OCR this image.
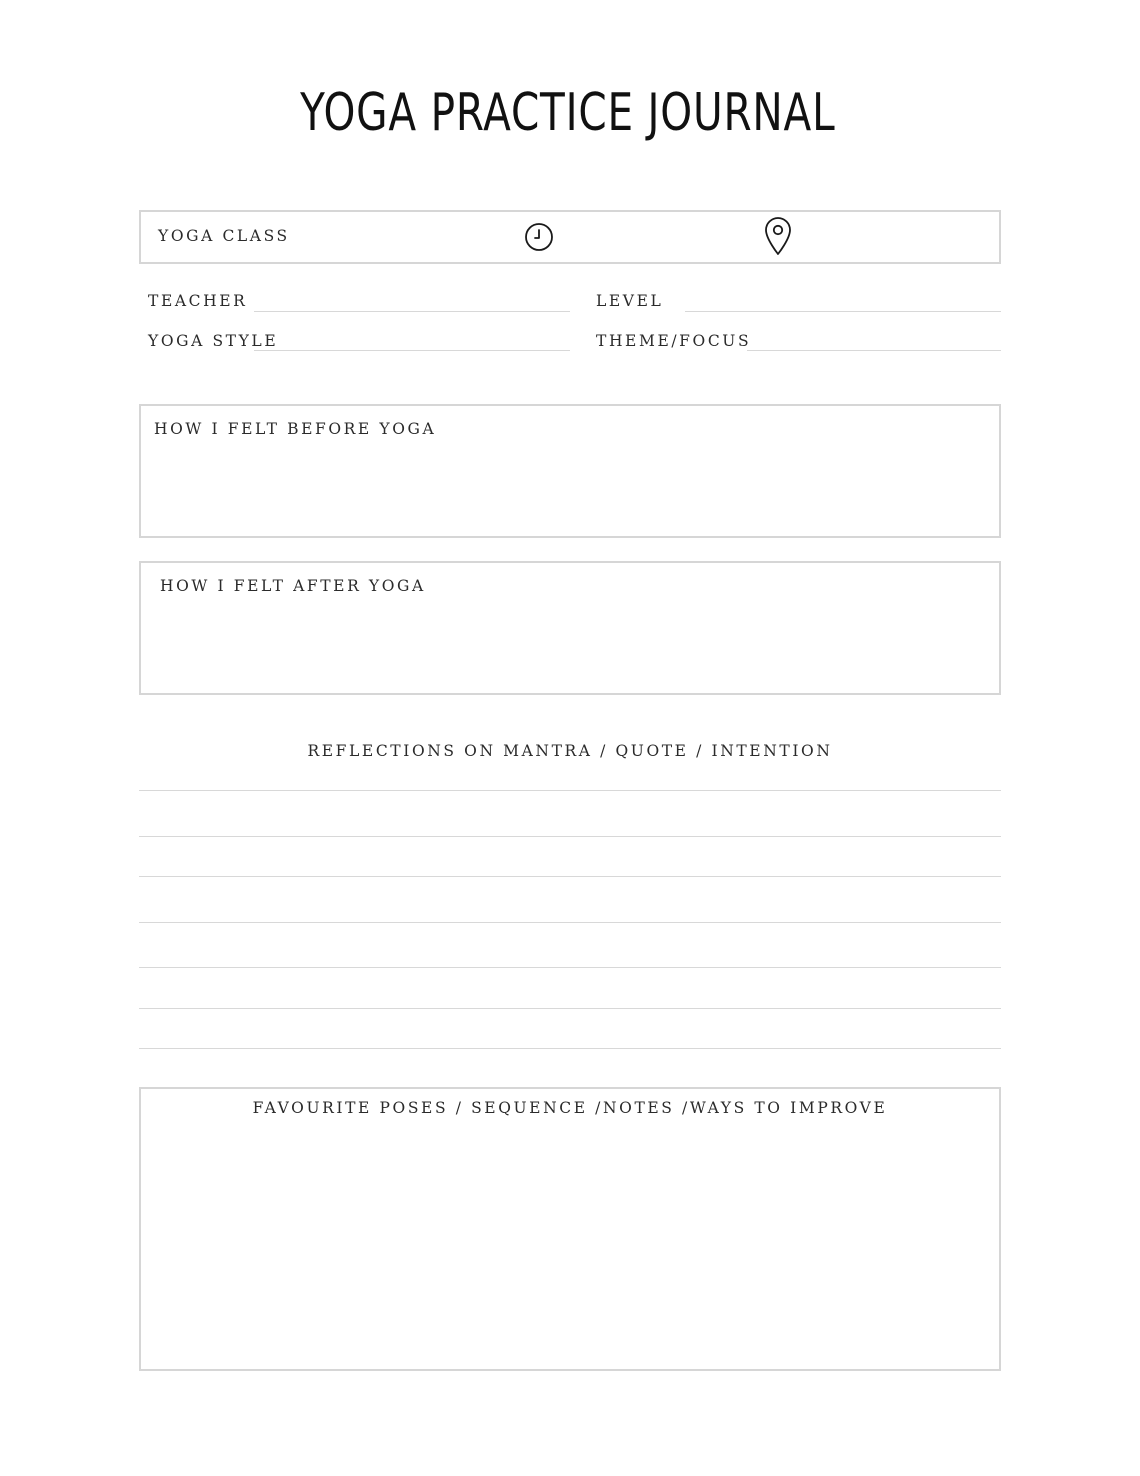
YOGA PRACTICE JOURNAL
YOGA CLASS
TEACHER	LEVEL
YOGA STYLE	THEME/FOCUS
HOW I FELT BEFORE YOGA
HOW I FELT AFTER YOGA
REFLECTIONS ON MANTRA / QUOTE / INTENTION
FAVOURITE POSES / SEQUENCE /NOTES /WAYS TO IMPROVE
